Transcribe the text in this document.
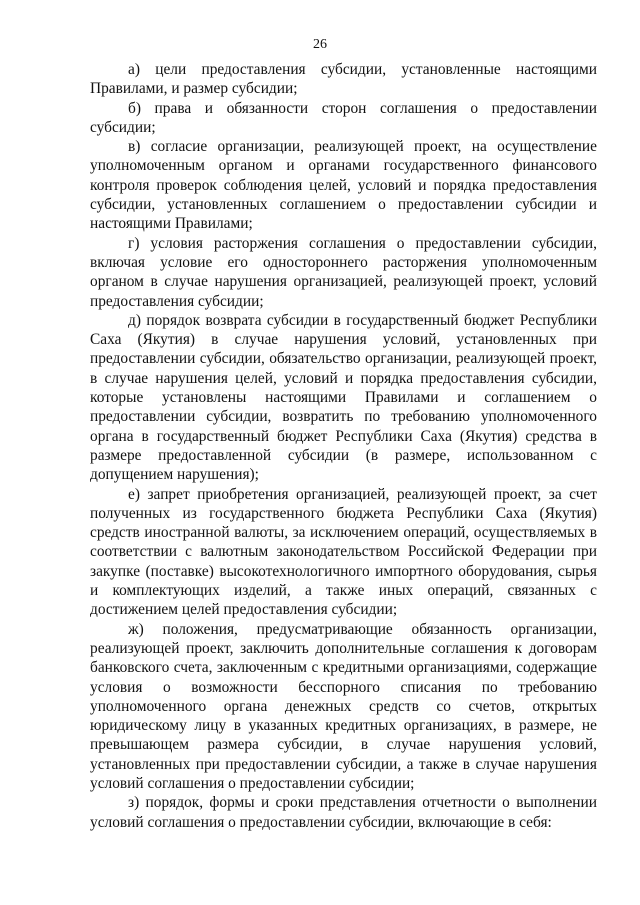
26

а) цели предоставления субсидии, установленные настоящими Правилами, и размер субсидии;

б) права и обязанности сторон соглашения о предоставлении субсидии;

в) согласие организации, реализующей проект, на осуществление уполномоченным органом и органами государственного финансового контроля проверок соблюдения целей, условий и порядка предоставления субсидии, установленных соглашением о предоставлении субсидии и настоящими Правилами;

г) условия расторжения соглашения о предоставлении субсидии, включая условие его одностороннего расторжения уполномоченным органом в случае нарушения организацией, реализующей проект, условий предоставления субсидии;

д) порядок возврата субсидии в государственный бюджет Республики Саха (Якутия) в случае нарушения условий, установленных при предоставлении субсидии, обязательство организации, реализующей проект, в случае нарушения целей, условий и порядка предоставления субсидии, которые установлены настоящими Правилами и соглашением о предоставлении субсидии, возвратить по требованию уполномоченного органа в государственный бюджет Республики Саха (Якутия) средства в размере предоставленной субсидии (в размере, использованном с допущением нарушения);

е) запрет приобретения организацией, реализующей проект, за счет полученных из государственного бюджета Республики Саха (Якутия) средств иностранной валюты, за исключением операций, осуществляемых в соответствии с валютным законодательством Российской Федерации при закупке (поставке) высокотехнологичного импортного оборудования, сырья и комплектующих изделий, а также иных операций, связанных с достижением целей предоставления субсидии;

ж) положения, предусматривающие обязанность организации, реализующей проект, заключить дополнительные соглашения к договорам банковского счета, заключенным с кредитными организациями, содержащие условия о возможности бесспорного списания по требованию уполномоченного органа денежных средств со счетов, открытых юридическому лицу в указанных кредитных организациях, в размере, не превышающем размера субсидии, в случае нарушения условий, установленных при предоставлении субсидии, а также в случае нарушения условий соглашения о предоставлении субсидии;

з) порядок, формы и сроки представления отчетности о выполнении условий соглашения о предоставлении субсидии, включающие в себя:
